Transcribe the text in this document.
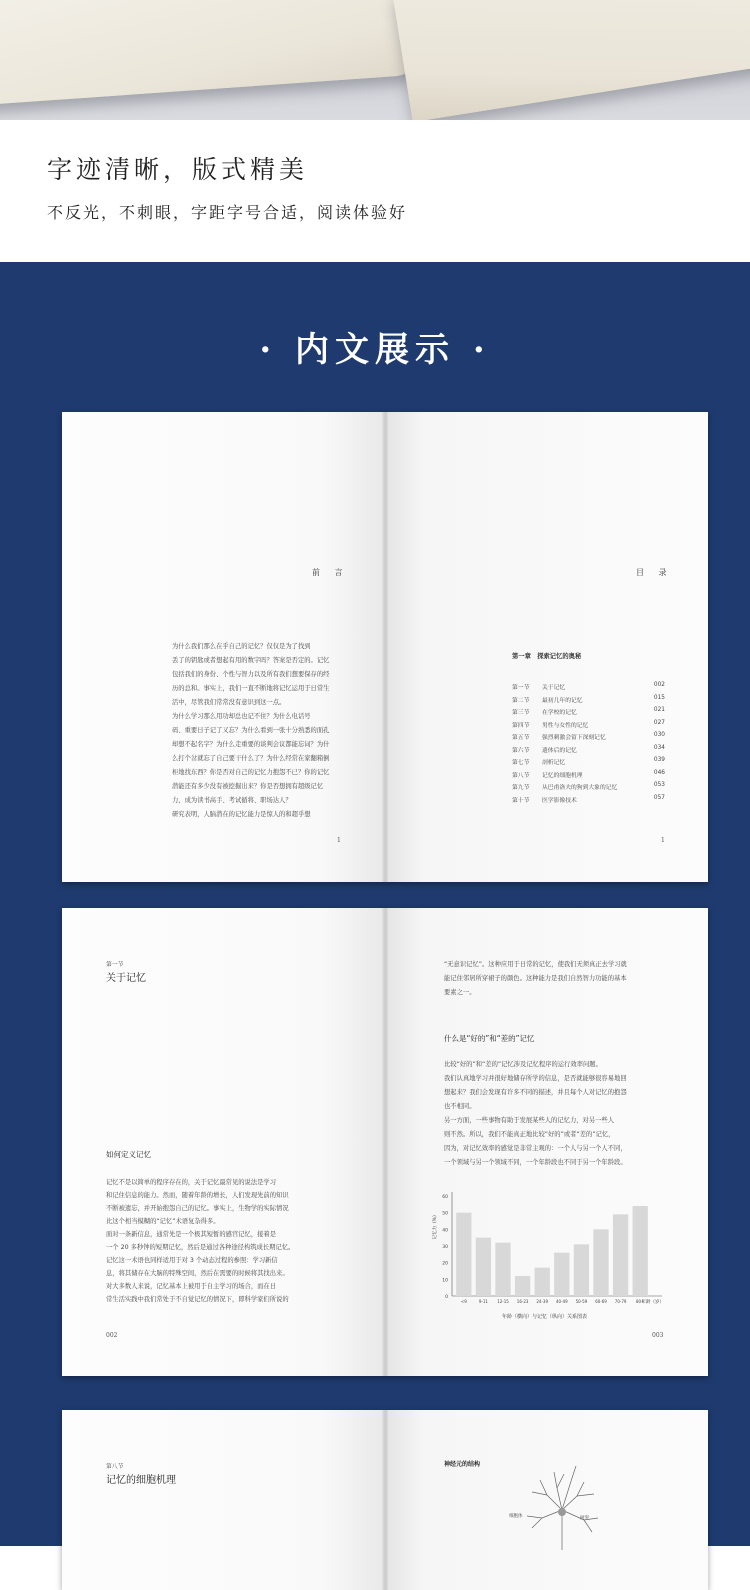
字迹清晰，版式精美
不反光，不刺眼，字距字号合适，阅读体验好
· 内文展示 ·
前 言
为什么我们那么在乎自己的记忆？仅仅是为了找到
丢了的钥匙或者想起有用的数字吗？答案是否定的。记忆
包括我们的身份、个性与智力以及所有我们想要保存的经
历的总和。事实上，我们一直不断地将记忆运用于日常生
活中，尽管我们常常没有意识到这一点。
为什么学习那么用功却总也记不住？为什么电话号
码、重要日子记了又忘？为什么看到一张十分熟悉的面孔
却想不起名字？为什么走重要的谈判会议都能忘词？为什
么打个岔就忘了自己要干什么了？为什么经常在家翻箱倒
柜地找东西？你是否对自己的记忆力抱怨不已？你的记忆
潜能还有多少没有被挖掘出来？你是否想拥有超级记忆
力，成为读书高手、考试循将、职场达人？
研究表明，人脑潜在的记忆能力是惊人的和超乎想
1
目 录
第一章　探索记忆的奥秘
第一节 关于记忆	002
第二节 最初几年的记忆	015
第三节 在学校的记忆	021
第四节 男性与女性的记忆	027
第五节 强烈刺激会留下深刻记忆	030
第六节 遗体后的记忆	034
第七节 剖析记忆	039
第八节 记忆的细胞机理	046
第九节 从巴甫洛夫的狗到大象的记忆	053
第十节 医学影像技术	057
1
第一节
关于记忆
如何定义记忆
记忆不是以简单的程序存在的，关于记忆最常见的说法是学习
和记住信息的能力。然而，随着年龄的增长，人们发现先前的知识
不断被遗忘，并开始抱怨自己的记忆。事实上，生物学的实际情况
比这个相当模糊的“记忆”术语复杂得多。
面对一条新信息，通常先是一个极其短暂的感官记忆，接着是
一个 20 多秒钟的短期记忆，然后是通过各种途径构筑成长期记忆。
记忆这一术语也同样适用于对 3 个动态过程的参照：学习新信
息，将其储存在大脑的特殊空间，然后在需要的时候将其找出来。
对大多数人来说，记忆基本上被用于自主学习的场合，而在日
常生活实践中我们常处于不自觉记忆的情况下，即科学家们所说的
002
“无意识记忆”。这种应用于日常的记忆，使我们无须真正去学习就
能记住邻居所穿裙子的颜色。这种能力是我们自然智力功能的基本
要素之一。
什么是“好的”和“差的”记忆
比较“好的”和“差的”记忆涉及记忆程序的运行效率问题。
我们认真地学习并很好地储存所学的信息，是否就能够很容易地回
想起来？我们会发现有许多不同的描述，并且每个人对记忆的抱怨
也不相同。
另一方面，一些事物有助于发展某些人的记忆力，对另一些人
则不然。所以，我们不能真正地比较“好的”或者“差的”记忆，
因为，对记忆效率的感觉是非常主观的：一个人与另一个人不同，
一个领域与另一个领域不同，一个年龄段也不同于另一个年龄段。
0
10
20
30
40
50
60
记忆力（%）
<9	9-11 12-15 16-23 24-39 40-49 50-59 60-69 70-79 80+
年龄（岁）
年龄（横向）与记忆（纵向）关系图表
003
第八节
记忆的细胞机理
神经元的结构
细胞体	树突
